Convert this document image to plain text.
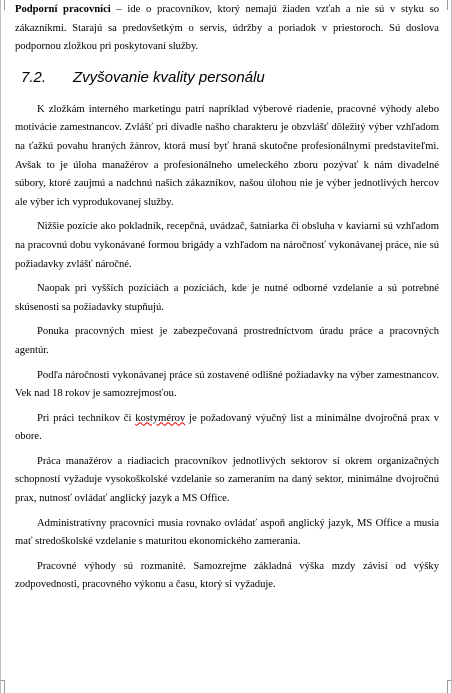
Podporní pracovníci – ide o pracovníkov, ktorý nemajú žiaden vzťah a nie sú v styku so zákazníkmi. Starajú sa predovšetkým o servis, údržby a poriadok v priestoroch. Sú doslova podpornou zložkou pri poskytovaní služby.

7.2.	Zvyšovanie kvality personálu

K zložkám interného marketingu patrí napríklad výberové riadenie, pracovné výhody alebo motivácie zamestnancov. Zvlášť pri divadle našho charakteru je obzvlášť dôležitý výber vzhľadom na ťažkú povahu hraných žánrov, ktorá musí byť hraná skutočne profesionálnymi predstaviteľmi. Avšak to je úloha manažérov a profesionálneho umeleckého zboru pozývať k nám divadelné súbory, ktoré zaujmú a nadchnú našich zákazníkov, našou úlohou nie je výber jednotlivých hercov ale výber ich vyprodukovanej služby.

Nižšie pozície ako pokladník, recepčná, uvádzač, šatniarka či obsluha v kaviarni sú vzhľadom na pracovnú dobu vykonávané formou brigády a vzhľadom na náročnosť vykonávanej práce, nie sú požiadavky zvlášť náročné.

Naopak pri vyšších pozíciách a pozíciách, kde je nutné odborné vzdelanie a sú potrebné skúsenosti sa požiadavky stupňujú.

Ponuka pracovných miest je zabezpečovaná prostredníctvom úradu práce a pracovných agentúr.

Podľa náročnosti vykonávanej práce sú zostavené odlišné požiadavky na výber zamestnancov. Vek nad 18 rokov je samozrejmosťou.

Pri práci technikov či kostymérov je požadovaný výučný list a minimálne dvojročná prax v obore.

Práca manažérov a riadiacich pracovníkov jednotlivých sektorov si okrem organizačných schopností vyžaduje vysokoškolské vzdelanie so zameraním na daný sektor, minimálne dvojročnú prax, nutnosť ovládať anglický jazyk a MS Office.

Administratívny pracovníci musia rovnako ovládať aspoň anglický jazyk, MS Office a musia mať stredoškolské vzdelanie s maturitou ekonomického zamerania.

Pracovné výhody sú rozmanité. Samozrejme základná výška mzdy závisí od výšky zodpovednosti, pracovného výkonu a času, ktorý si vyžaduje.
